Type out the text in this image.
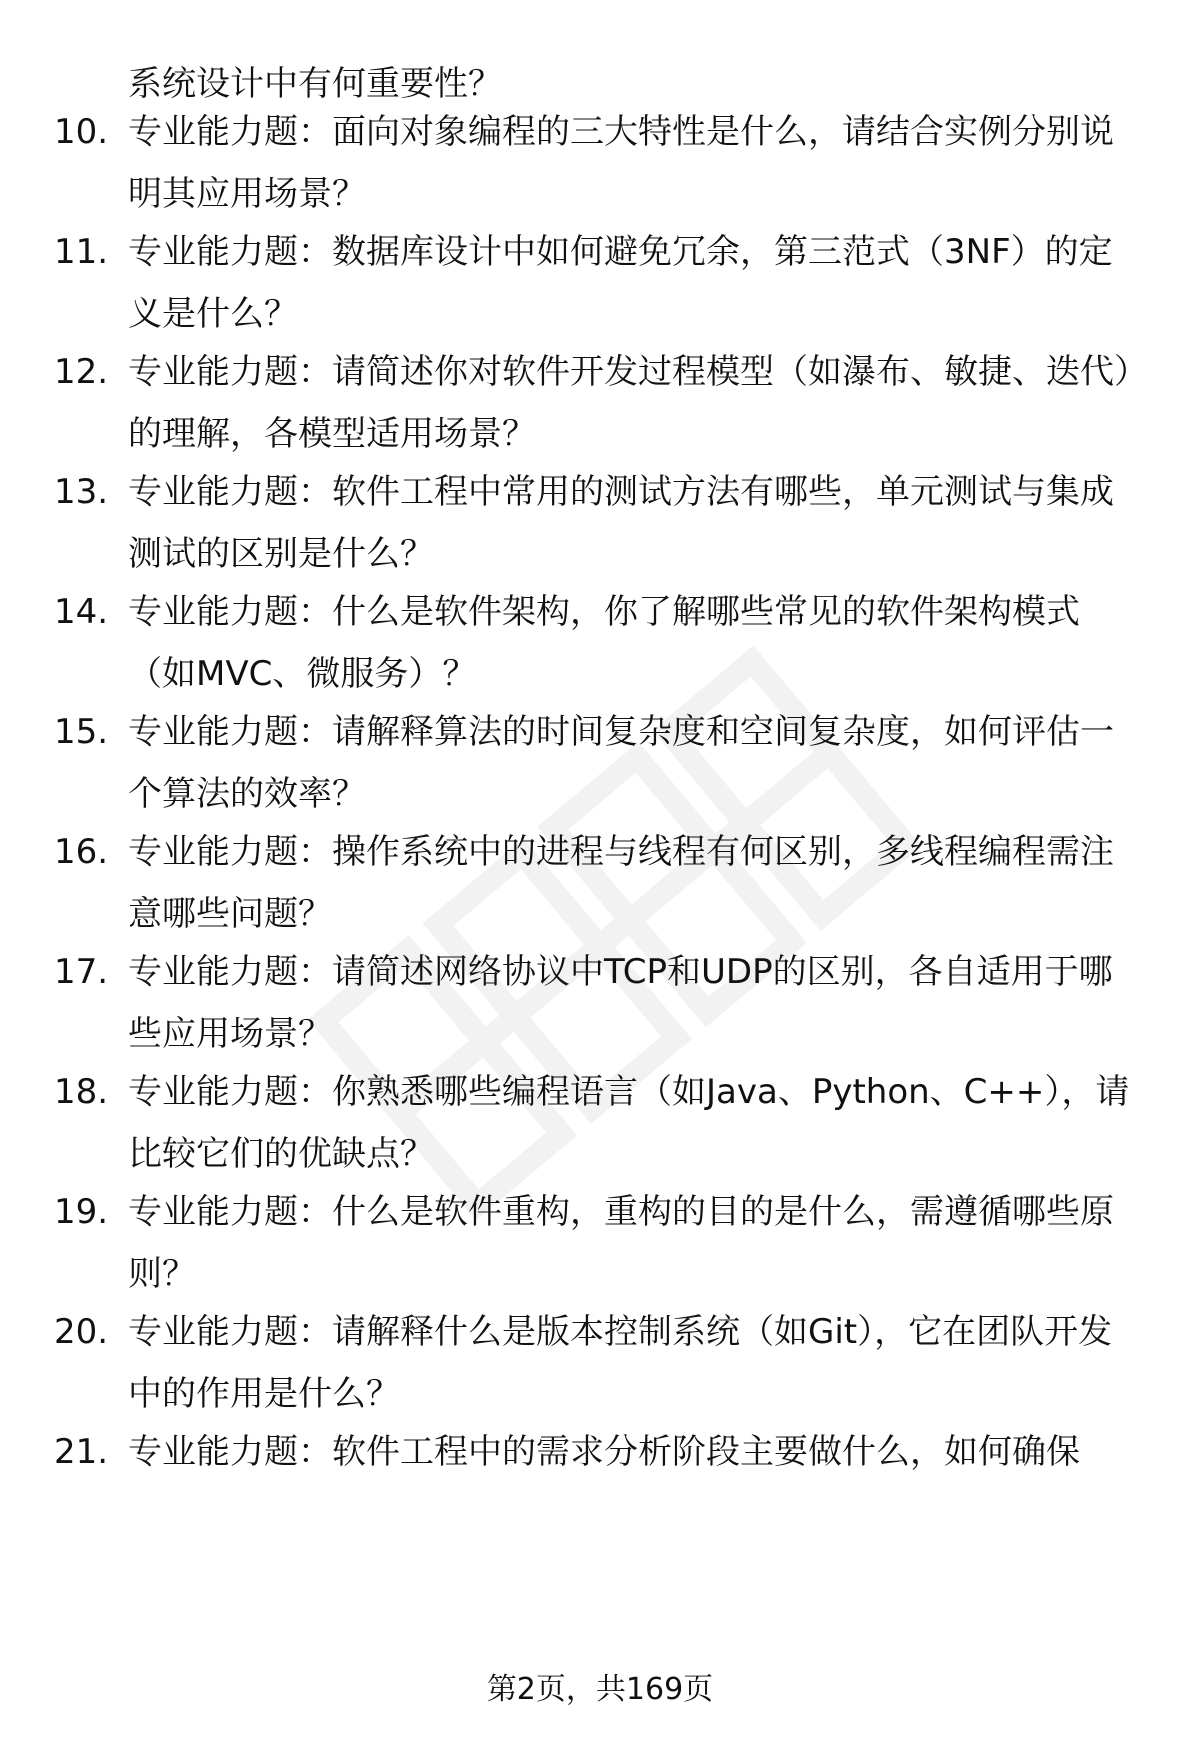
系统设计中有何重要性？
10. 专业能力题：面向对象编程的三大特性是什么，请结合实例分别说明其应用场景？
11. 专业能力题：数据库设计中如何避免冗余，第三范式（3NF）的定义是什么？
12. 专业能力题：请简述你对软件开发过程模型（如瀑布、敏捷、迭代）的理解，各模型适用场景？
13. 专业能力题：软件工程中常用的测试方法有哪些，单元测试与集成测试的区别是什么？
14. 专业能力题：什么是软件架构，你了解哪些常见的软件架构模式（如MVC、微服务）？
15. 专业能力题：请解释算法的时间复杂度和空间复杂度，如何评估一个算法的效率？
16. 专业能力题：操作系统中的进程与线程有何区别，多线程编程需注意哪些问题？
17. 专业能力题：请简述网络协议中TCP和UDP的区别，各自适用于哪些应用场景？
18. 专业能力题：你熟悉哪些编程语言（如Java、Python、C++），请比较它们的优缺点？
19. 专业能力题：什么是软件重构，重构的目的是什么，需遵循哪些原则？
20. 专业能力题：请解释什么是版本控制系统（如Git），它在团队开发中的作用是什么？
21. 专业能力题：软件工程中的需求分析阶段主要做什么，如何确保
第2页，共169页
